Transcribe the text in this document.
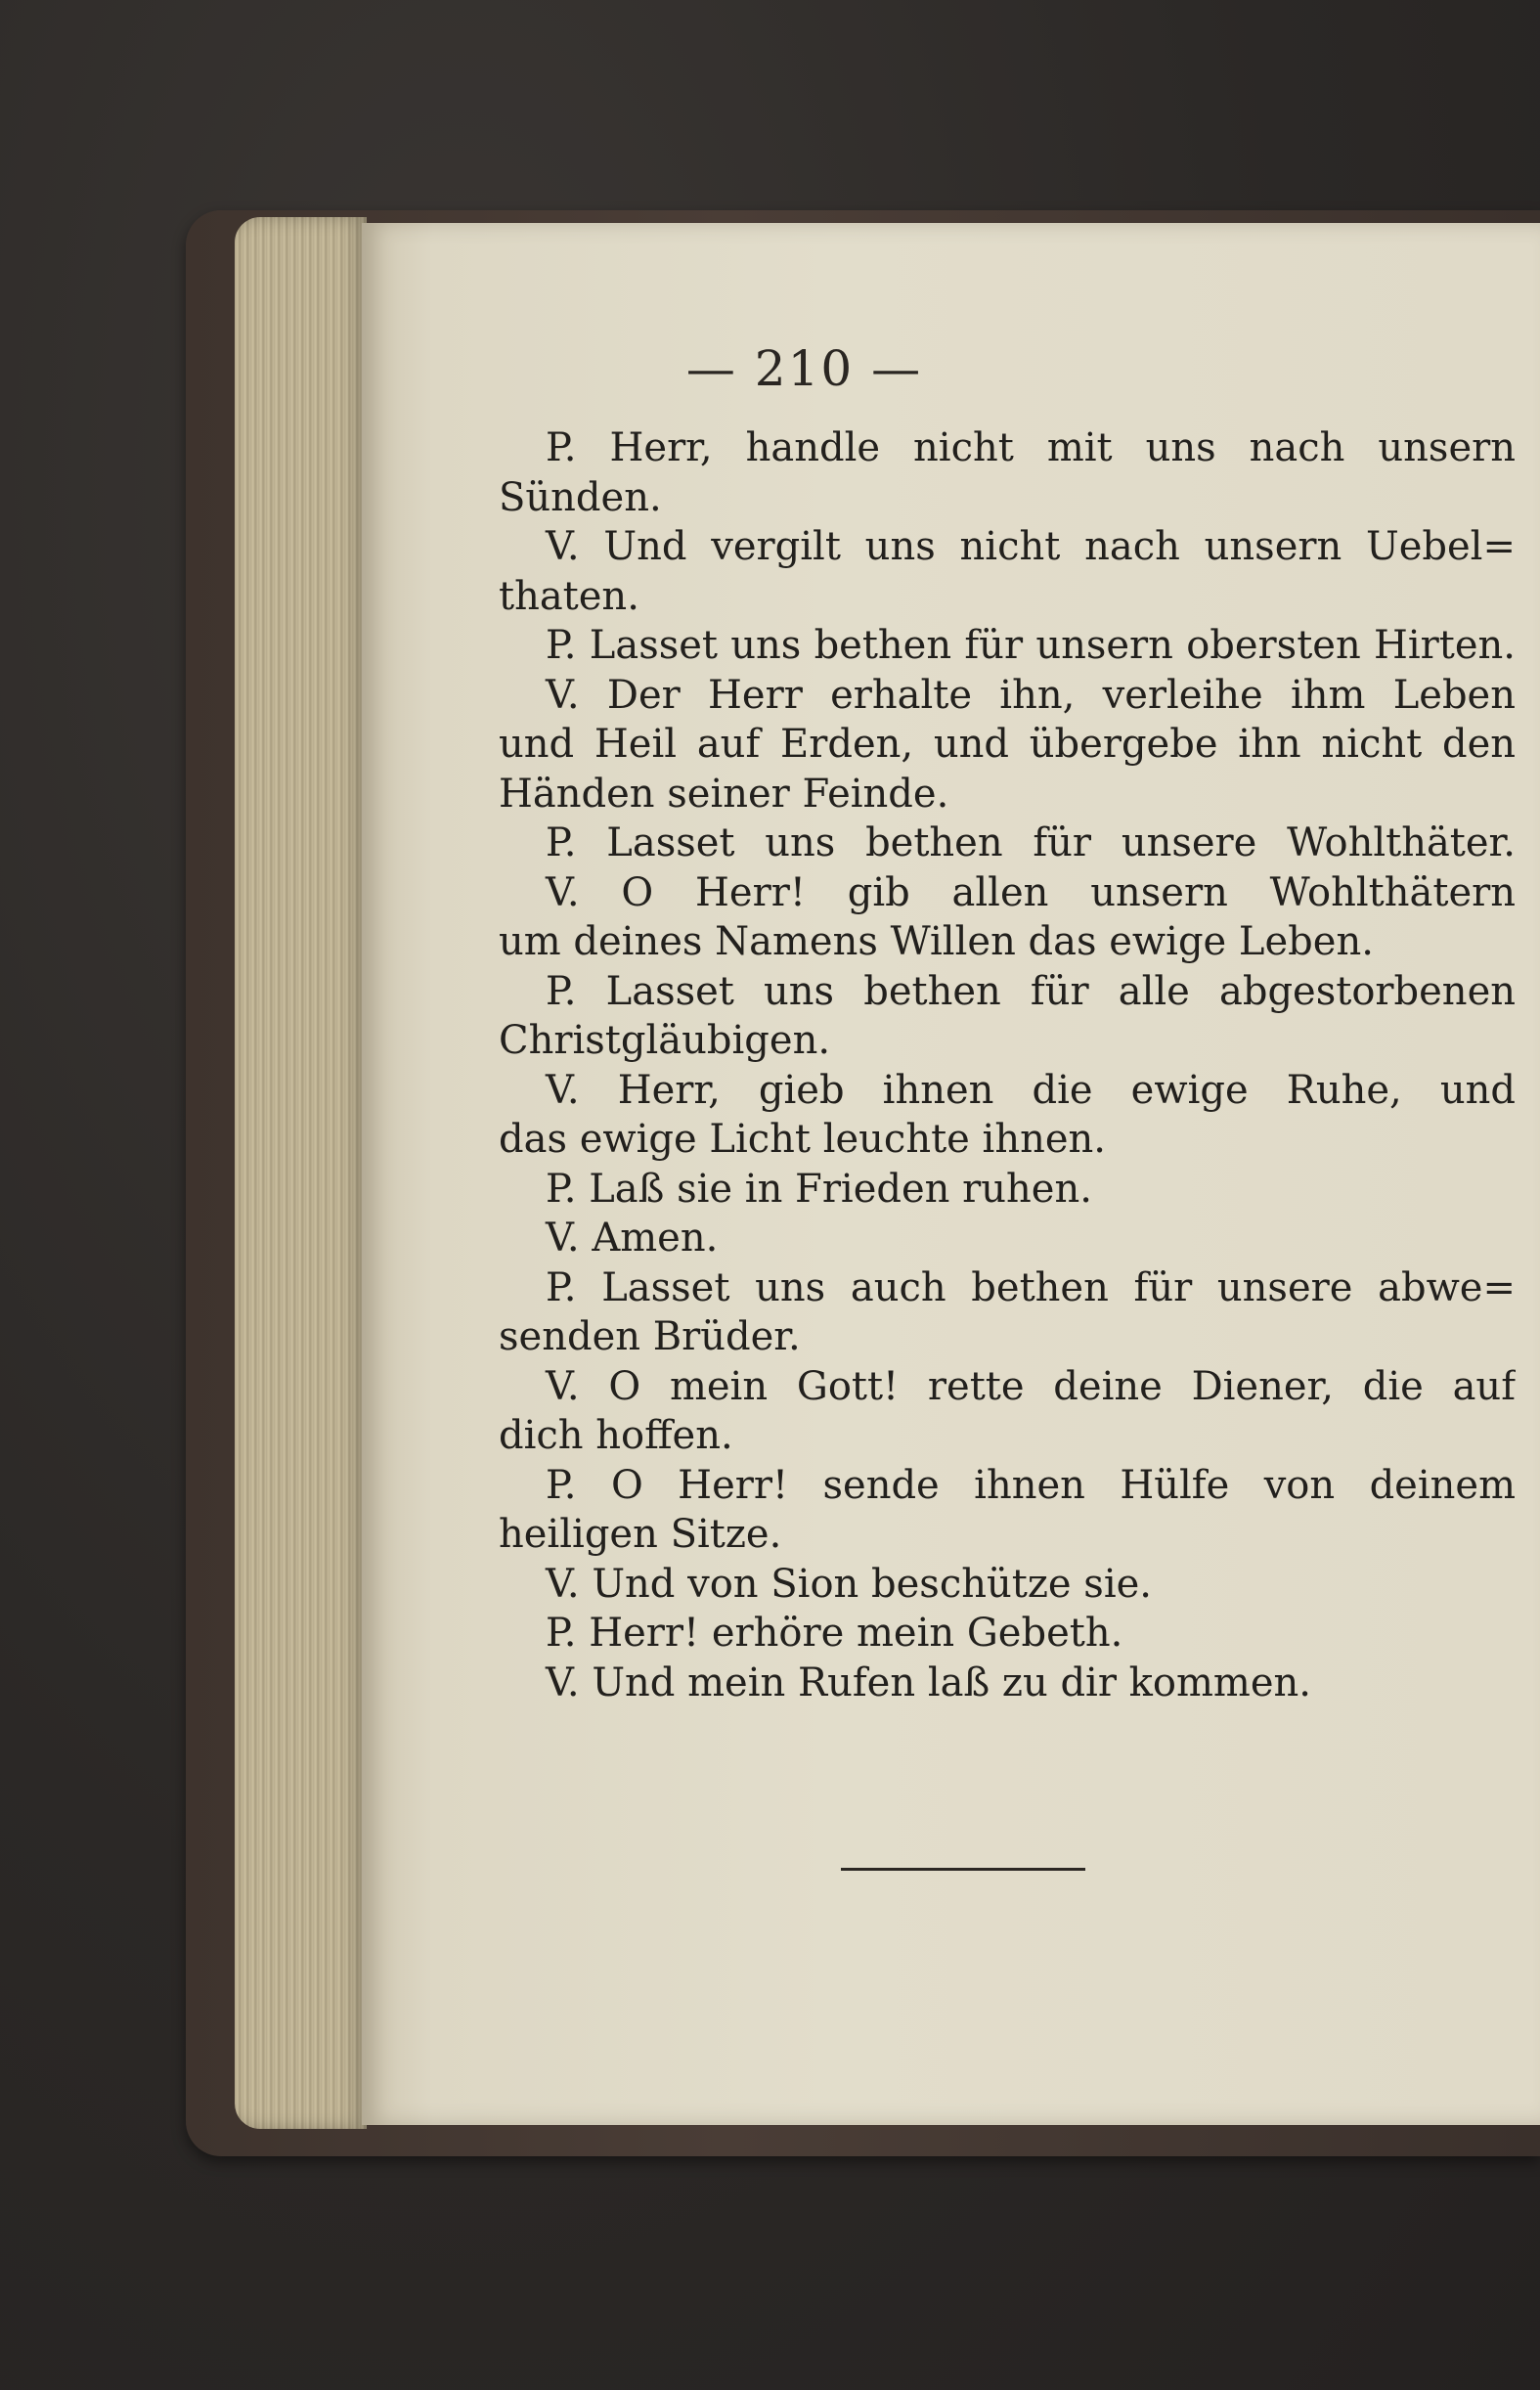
— 210 —
P. Herr, handle nicht mit uns nach unsern
Sünden.
V. Und vergilt uns nicht nach unsern Uebel=
thaten.
P. Lasset uns bethen für unsern obersten Hirten.
V. Der Herr erhalte ihn, verleihe ihm Leben
und Heil auf Erden, und übergebe ihn nicht den
Händen seiner Feinde.
P. Lasset uns bethen für unsere Wohlthäter.
V. O Herr! gib allen unsern Wohlthätern
um deines Namens Willen das ewige Leben.
P. Lasset uns bethen für alle abgestorbenen
Christgläubigen.
V. Herr, gieb ihnen die ewige Ruhe, und
das ewige Licht leuchte ihnen.
P. Laß sie in Frieden ruhen.
V. Amen.
P. Lasset uns auch bethen für unsere abwe=
senden Brüder.
V. O mein Gott! rette deine Diener, die auf
dich hoffen.
P. O Herr! sende ihnen Hülfe von deinem
heiligen Sitze.
V. Und von Sion beschütze sie.
P. Herr! erhöre mein Gebeth.
V. Und mein Rufen laß zu dir kommen.
